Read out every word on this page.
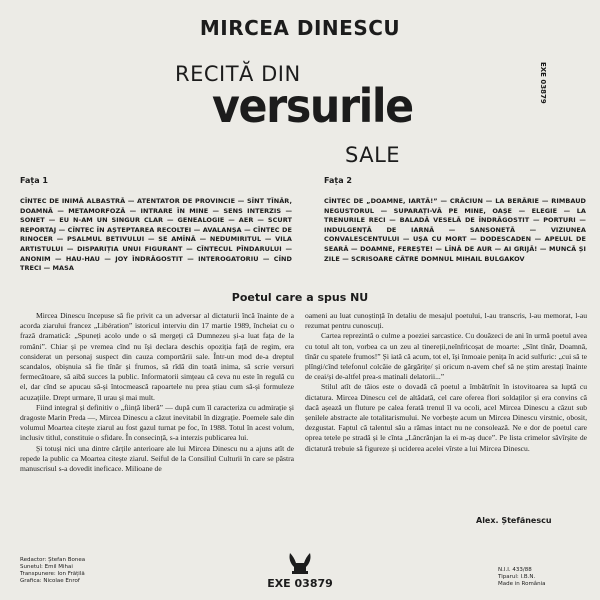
MIRCEA DINESCU
RECITĂ DIN
versurile
SALE
EXE 03879
Fața 1
CÎNTEC DE INIMĂ ALBASTRĂ — ATENTATOR DE PROVINCIE — SÎNT TÎNĂR, DOAMNĂ — METAMORFOZĂ — INTRARE ÎN MINE — SENS INTERZIS — SONET — EU N-AM UN SINGUR CLAR — GENEALOGIE — AER — SCURT REPORTAJ — CÎNTEC ÎN AȘTEPTAREA RECOLTEI — AVALANȘA — CÎNTEC DE RINOCER — PSALMUL BETIVULUI — SE AMÎNĂ — NEDUMIRITUL — VILA ARTISTULUI — DISPARIȚIA UNUI FIGURANT — CÎNTECUL PÎNDARULUI — ANONIM — HAU-HAU — JOY ÎNDRĂGOSTIT — INTEROGATORIU — CÎND TRECI — MASA
Fața 2
CÎNTEC DE „DOAMNE, IARTĂ!” — CRĂCIUN — LA BERĂRIE — RIMBAUD NEGUSTORUL — SUPARAȚI-VĂ PE MINE, OAȘE — ELEGIE — LA TRENURILE RECI — BALADĂ VESELĂ DE ÎNDRĂGOSTIT — PORTURI — INDULGENȚĂ DE IARNĂ — SANSONETĂ — VIZIUNEA CONVALESCENTULUI — UȘA CU MORT — DODESCADEN — APELUL DE SEARĂ — DOAMNE, FEREȘTE! — LÎNĂ DE AUR — AI GRIJĂ! — MUNCĂ ȘI ZILE — SCRISOARE CĂTRE DOMNUL MIHAIL BULGAKOV
Poetul care a spus NU

Mircea Dinescu începuse să fie privit ca un adversar al dictaturii încă înainte de a acorda ziarului francez „Libération” istoricul interviu din 17 martie 1989, încheiat cu o frază dramatică: „Spuneți acolo unde o să mergeți că Dumnezeu și-a luat fața de la români”. Chiar și pe vremea cînd nu își declara deschis opoziția față de regim, era considerat un personaj suspect din cauza comportării sale. Într-un mod de-a dreptul scandalos, obișnuia să fie tînăr și frumos, să rîdă din toată inima, să scrie versuri fermecătoare, să aibă succes la public. Informatorii simțeau că ceva nu este în regulă cu el, dar cînd se apucau să-și întocmească rapoartele nu prea știau cum să-și formuleze acuzațiile. Drept urmare, îl urau și mai mult.

Fiind integral și definitiv o „ființă liberă” — după cum îl caracteriza cu admirație și dragoste Marin Preda —, Mircea Dinescu a căzut inevitabil în dizgrație. Poemele sale din volumul Moartea citește ziarul au fost gazul turnat pe foc, în 1988. Totul în acest volum, inclusiv titlul, constituie o sfidare. În consecință, s-a interzis publicarea lui.

Și totuși nici una dintre cărțile anterioare ale lui Mircea Dinescu nu a ajuns atît de repede la public ca Moartea citește ziarul. Seiful de la Consiliul Culturii în care se păstra manuscrisul s-a dovedit ineficace. Milioane de

oameni au luat cunoștință în detaliu de mesajul poetului, l-au transcris, l-au memorat, l-au rezumat pentru cunoscuți.

Cartea reprezintă o culme a poeziei sarcastice. Cu douăzeci de ani în urmă poetul avea cu totul alt ton, vorbea ca un zeu al tinereții,neînfricoșat de moarte: „Sînt tînăr, Doamnă, tînăr cu spatele frumos!” Și iată că acum, tot el, își înmoaie penița în acid sulfuric: „cui să te plîngi/cînd telefonul colcăie de gărgărițe/ și oricum n-avem chef să ne știm arestați înainte de ceai/și de-altfel prea-s matinali delatorii...”

Stilul atît de tăios este o dovadă că poetul a îmbătrînit în istovitoarea sa luptă cu dictatura. Mircea Dinescu cel de altădată, cel care oferea flori soldaților și era convins că dacă așează un fluture pe calea ferată trenul îl va ocoli, acel Mircea Dinescu a căzut sub șenilele abstracte ale totalitarismului. Ne vorbește acum un Mircea Dinescu virstnic, obosit, dezgustat. Faptul că talentul său a rămas intact nu ne consolează. Ne e dor de poetul care oprea tetele pe stradă și le cînta „Lăncrănjan la ei m-aș duce”. Pe lista crimelor săvîrșite de dictatură trebuie să figureze și uciderea acelei vîrste a lui Mircea Dinescu.

Alex. Ștefănescu
Redactor: Ștefan Bonea
Sunetul: Emil Mihai
Transpunere: Ion Frățilă
Grafica: Nicolae Enrof	EXE 03879
N.I.I. 433/88
Tiparul: I.B.N.
Made in România
